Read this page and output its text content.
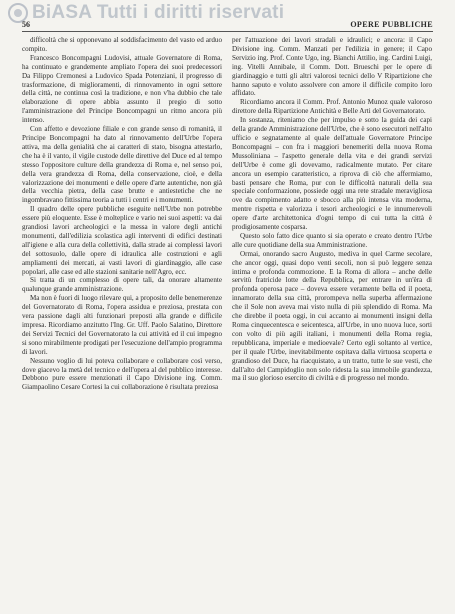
BiASA Tutti i diritti riservati
56	OPERE PUBBLICHE

difficoltà che si opponevano al soddisfacimento del vasto ed arduo compito.

Francesco Boncompagni Ludovisi, attuale Governatore di Roma, ha continuato e grandemente ampliato l'opera dei suoi predecessori Da Filippo Cremonesi a Ludovico Spada Potenziani, il progresso di trasformazione, di miglioramenti, di rinnovamento in ogni settore della città, ne continua così la tradizione, e non v'ha dubbio che tale elaborazione di opere abbia assunto il pregio di sotto l'amministrazione del Principe Boncompagni un ritmo ancora più intenso.

Con affetto e devozione filiale e con grande senso di romanità, il Principe Boncompagni ha dato al rinnovamento dell'Urbe l'opera attiva, ma della genialità che ai caratteri di stato, bisogna attestarlo, che ha è il vanto, il vigile custode delle direttive del Duce ed al tempo stesso l'oppositore culture della grandezza di Roma e, nel senso poi, della vera grandezza di Roma, della conservazione, cioè, e della valorizzazione dei monumenti e delle opere d'arte autentiche, non già della vecchia pietra, della case brutte e antiestetiche che ne ingombravano fittissima teoria a tutti i centri e i monumenti.

Il quadro delle opere pubbliche eseguite nell'Urbe non potrebbe essere più eloquente. Esse è molteplice e vario nei suoi aspetti: va dai grandiosi lavori archeologici e la messa in valore degli antichi monumenti, dall'edilizia scolastica agli interventi di edifici destinati all'igiene e alla cura della collettività, dalla strade ai complessi lavori del sottosuolo, dalle opere di idraulica alle costruzioni e agli ampliamenti dei mercati, ai vasti lavori di giardinaggio, alle case popolari, alle case ed alle stazioni sanitarie nell'Agro, ecc.

Si tratta di un complesso di opere tali, da onorare altamente qualunque grande amministrazione.

Ma non è fuori di luogo rilevare qui, a proposito delle benemerenze del Governatorato di Roma, l'opera assidua e preziosa, prestata con vera passione dagli alti funzionari preposti alla grande e difficile impresa. Ricordiamo anzitutto l'Ing. Gr. Uff. Paolo Salatino, Direttore dei Servizi Tecnici del Governatorato la cui attività ed il cui impegno si sono mirabilmente prodigati per l'esecuzione dell'ampio programma di lavori.

Nessuno voglio di lui poteva collaborare e collaborare così verso, dove giacevo la metà del tecnico e dell'opera al del pubblico interesse. Debbono pure essere menzionati il Capo Divisione ing. Comm. Giampaolino Cesare Cortesi la cui collaborazione è risultata preziosa

per l'attuazione dei lavori stradali e idraulici; e ancora: il Capo Divisione ing. Comm. Manzati per l'edilizia in genere; il Capo Servizio ing. Prof. Conte Ugo, ing. Bianchi Attilio, ing. Cardini Luigi, ing. Vitelli Annibale, il Comm. Dott. Brueschi per le opere di giardinaggio e tutti gli altri valorosi tecnici dello V Ripartizione che hanno saputo e voluto assolvere con amore il difficile compito loro affidato.

Ricordiamo ancora il Comm. Prof. Antonio Munoz quale valoroso direttore della Ripartizione Antichità e Belle Arti del Governatorato.

In sostanza, riteniamo che per impulso e sotto la guida dei capi della grande Amministrazione dell'Urbe, che è sono esecutori nell'alto ufficio e segnatamente al quale dell'attuale Governatore Principe Boncompagni – con fra i maggiori benemeriti della nuova Roma Mussoliniana – l'aspetto generale della vita e dei grandi servizi dell'Urbe è come gli dovevamo, radicalmente mutato. Per citare ancora un esempio caratteristico, a riprova di ciò che affermiamo, basti pensare che Roma, pur con le difficoltà naturali della sua speciale conformazione, possiede oggi una rete stradale meravigliosa ove da compimento adatto e sbocco alla più intensa vita moderna, mentre rispetta e valorizza i tesori archeologici e le innumerevoli opere d'arte architettonica d'ogni tempo di cui tutta la città è prodigiosamente cosparsa.

Questo solo fatto dice quanto si sia operato e creato dentro l'Urbe alle cure quotidiane della sua Amministrazione.

Ormai, onorando sacro Augusto, mediva in quel Carme secolare, che ancor oggi, quasi dopo venti secoli, non si può leggere senza intima e profonda commozione. E la Roma di allora – anche delle servitù fratricide lotte della Repubblica, per entrare in un'èra di profonda operosa pace – doveva essere veramente bella ed il poeta, innamorato della sua città, prorompeva nella superba affermazione che il Sole non aveva mai visto nulla di più splendido di Roma. Ma che direbbe il poeta oggi, in cui accanto ai monumenti insigni della Roma cinquecentesca e seicentesca, all'Urbe, in uno nuova luce, sorti con volto di più agili italiani, i monumenti della Roma regia, repubblicana, imperiale e medioevale? Certo egli soltanto al vertice, per il quale l'Urbe, inevitabilmente ospitava dalla virtuosa scoperta e grandioso del Duce, ha riacquistato, a un tratto, tutte le sue vesti, che dall'alto del Campidoglio non solo ridesta la sua immobile grandezza, ma il suo glorioso esercito di civiltà e di progresso nel mondo.
